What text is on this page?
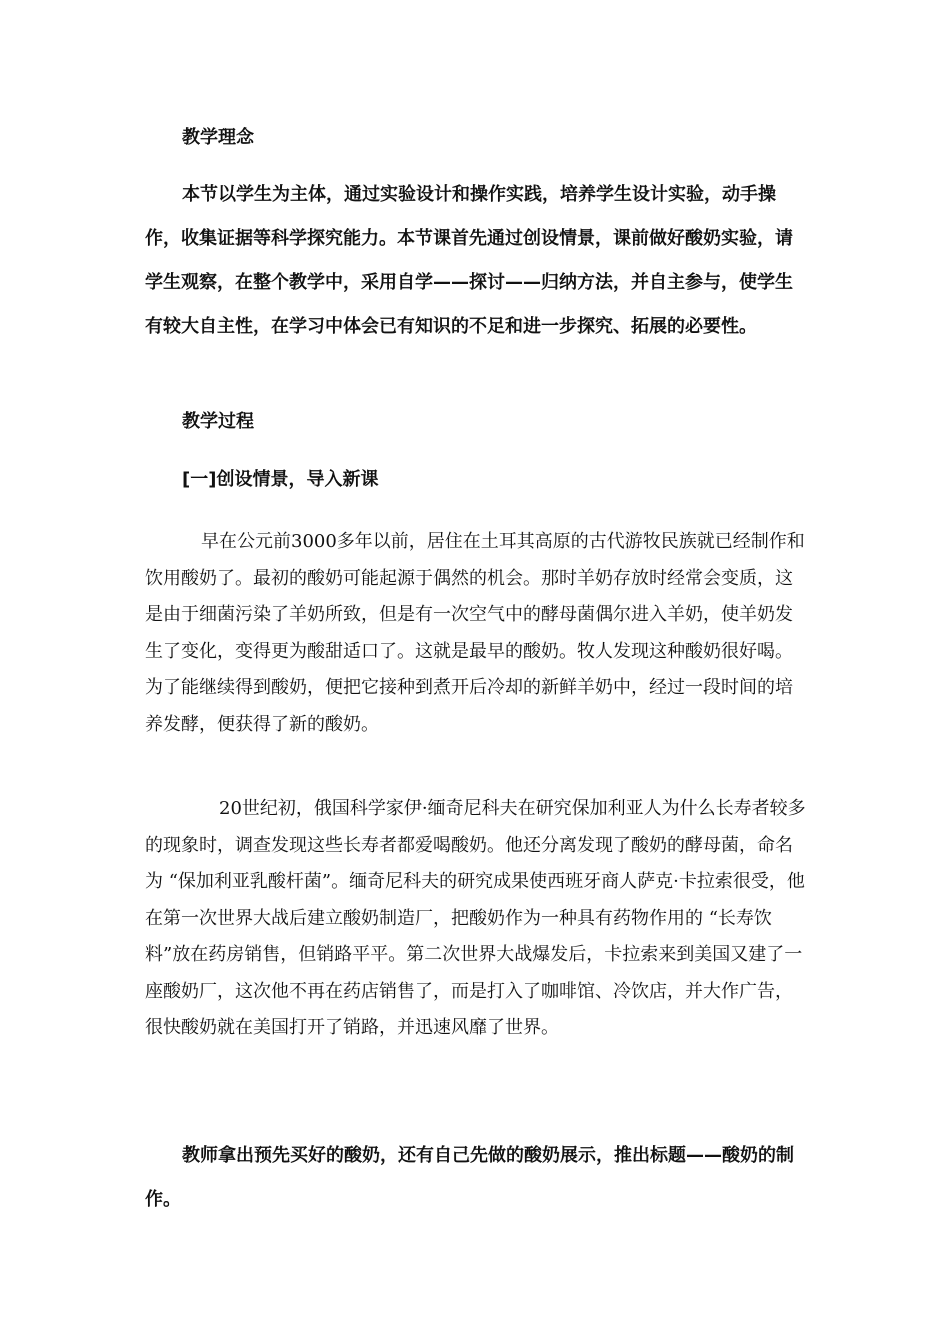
教学理念

本节以学生为主体，通过实验设计和操作实践，培养学生设计实验，动手操作，收集证据等科学探究能力。本节课首先通过创设情景，课前做好酸奶实验，请学生观察，在整个教学中，采用自学——探讨——归纳方法，并自主参与，使学生有较大自主性，在学习中体会已有知识的不足和进一步探究、拓展的必要性。

教学过程

[一]创设情景，导入新课

早在公元前3000多年以前，居住在土耳其高原的古代游牧民族就已经制作和饮用酸奶了。最初的酸奶可能起源于偶然的机会。那时羊奶存放时经常会变质，这是由于细菌污染了羊奶所致，但是有一次空气中的酵母菌偶尔进入羊奶，使羊奶发生了变化，变得更为酸甜适口了。这就是最早的酸奶。牧人发现这种酸奶很好喝。为了能继续得到酸奶，便把它接种到煮开后冷却的新鲜羊奶中，经过一段时间的培养发酵，便获得了新的酸奶。

20世纪初，俄国科学家伊·缅奇尼科夫在研究保加利亚人为什么长寿者较多的现象时，调查发现这些长寿者都爱喝酸奶。他还分离发现了酸奶的酵母菌，命名为 “保加利亚乳酸杆菌”。缅奇尼科夫的研究成果使西班牙商人萨克·卡拉索很受，他在第一次世界大战后建立酸奶制造厂，把酸奶作为一种具有药物作用的 “长寿饮料”放在药房销售，但销路平平。第二次世界大战爆发后，卡拉索来到美国又建了一座酸奶厂，这次他不再在药店销售了，而是打入了咖啡馆、冷饮店，并大作广告，很快酸奶就在美国打开了销路，并迅速风靡了世界。

教师拿出预先买好的酸奶，还有自己先做的酸奶展示，推出标题——酸奶的制作。
